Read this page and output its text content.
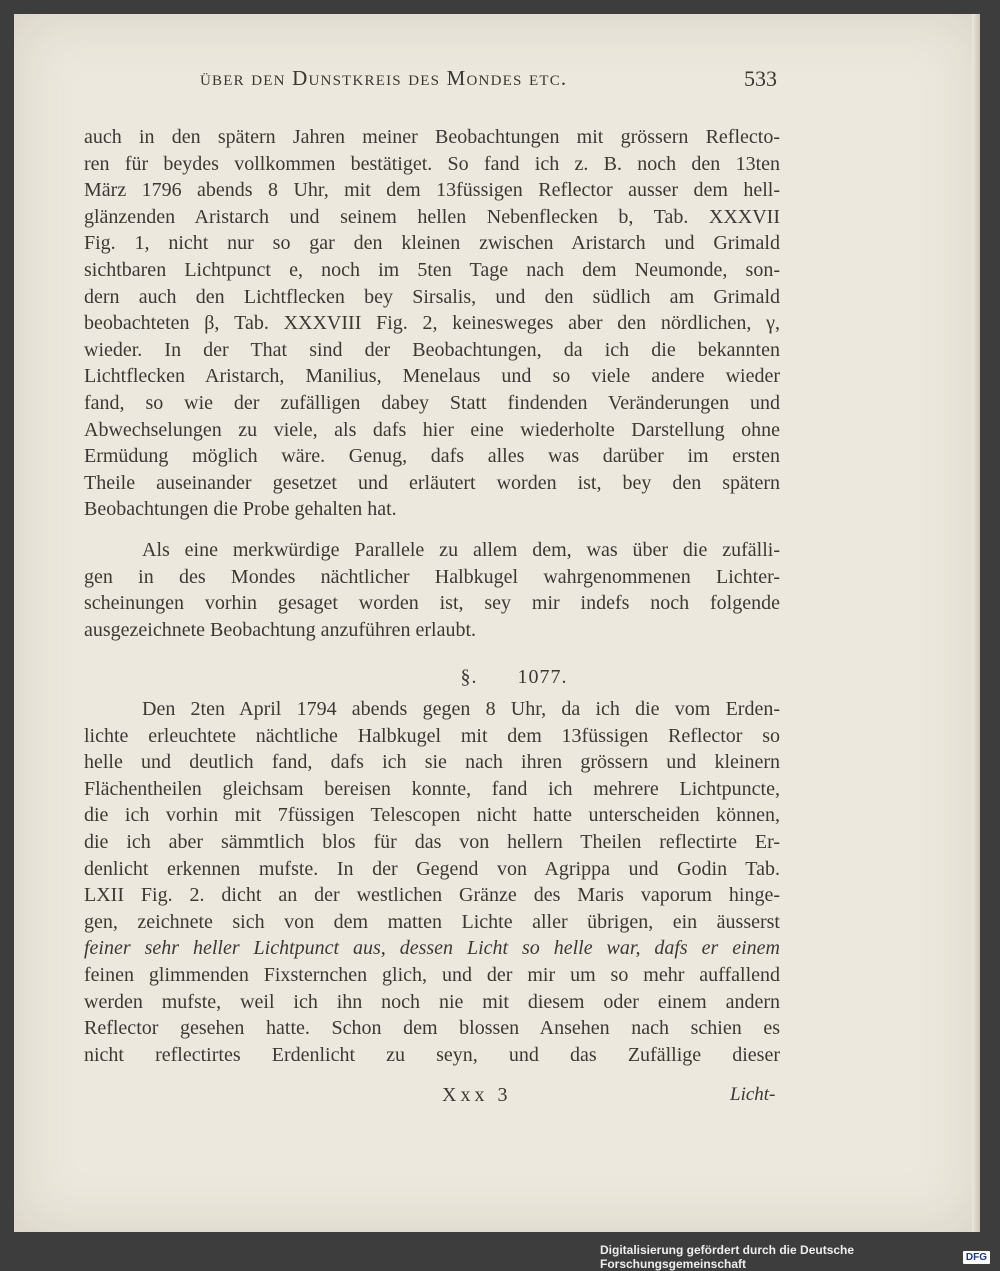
über den Dunstkreis des Mondes etc.	533
auch in den spätern Jahren meiner Beobachtungen mit grössern Reflecto-
ren für beydes vollkommen bestätiget. So fand ich z. B. noch den 13ten
März 1796 abends 8 Uhr, mit dem 13füssigen Reflector ausser dem hell-
glänzenden Aristarch und seinem hellen Nebenflecken b, Tab. XXXVII
Fig. 1, nicht nur so gar den kleinen zwischen Aristarch und Grimald
sichtbaren Lichtpunct e, noch im 5ten Tage nach dem Neumonde, son-
dern auch den Lichtflecken bey Sirsalis, und den südlich am Grimald
beobachteten β, Tab. XXXVIII Fig. 2, keinesweges aber den nördlichen, γ,
wieder. In der That sind der Beobachtungen, da ich die bekannten
Lichtflecken Aristarch, Manilius, Menelaus und so viele andere wieder
fand, so wie der zufälligen dabey Statt findenden Veränderungen und
Abwechselungen zu viele, als dafs hier eine wiederholte Darstellung ohne
Ermüdung möglich wäre. Genug, dafs alles was darüber im ersten
Theile auseinander gesetzet und erläutert worden ist, bey den spätern
Beobachtungen die Probe gehalten hat.
Als eine merkwürdige Parallele zu allem dem, was über die zufälli-
gen in des Mondes nächtlicher Halbkugel wahrgenommenen Lichter-
scheinungen vorhin gesaget worden ist, sey mir indefs noch folgende
ausgezeichnete Beobachtung anzuführen erlaubt.
§. 1077.
Den 2ten April 1794 abends gegen 8 Uhr, da ich die vom Erden-
lichte erleuchtete nächtliche Halbkugel mit dem 13füssigen Reflector so
helle und deutlich fand, dafs ich sie nach ihren grössern und kleinern
Flächentheilen gleichsam bereisen konnte, fand ich mehrere Lichtpuncte,
die ich vorhin mit 7füssigen Telescopen nicht hatte unterscheiden können,
die ich aber sämmtlich blos für das von hellern Theilen reflectirte Er-
denlicht erkennen mufste. In der Gegend von Agrippa und Godin Tab.
LXII Fig. 2. dicht an der westlichen Gränze des Maris vaporum hinge-
gen, zeichnete sich von dem matten Lichte aller übrigen, ein äusserst
feiner sehr heller Lichtpunct aus, dessen Licht so helle war, dafs er einem
feinen glimmenden Fixsternchen glich, und der mir um so mehr auffallend
werden mufste, weil ich ihn noch nie mit diesem oder einem andern
Reflector gesehen hatte. Schon dem blossen Ansehen nach schien es
nicht reflectirtes Erdenlicht zu seyn, und das Zufällige dieser
Xxx 3	Licht-
Digitalisierung gefördert durch die Deutsche Forschungsgemeinschaft	DFG
